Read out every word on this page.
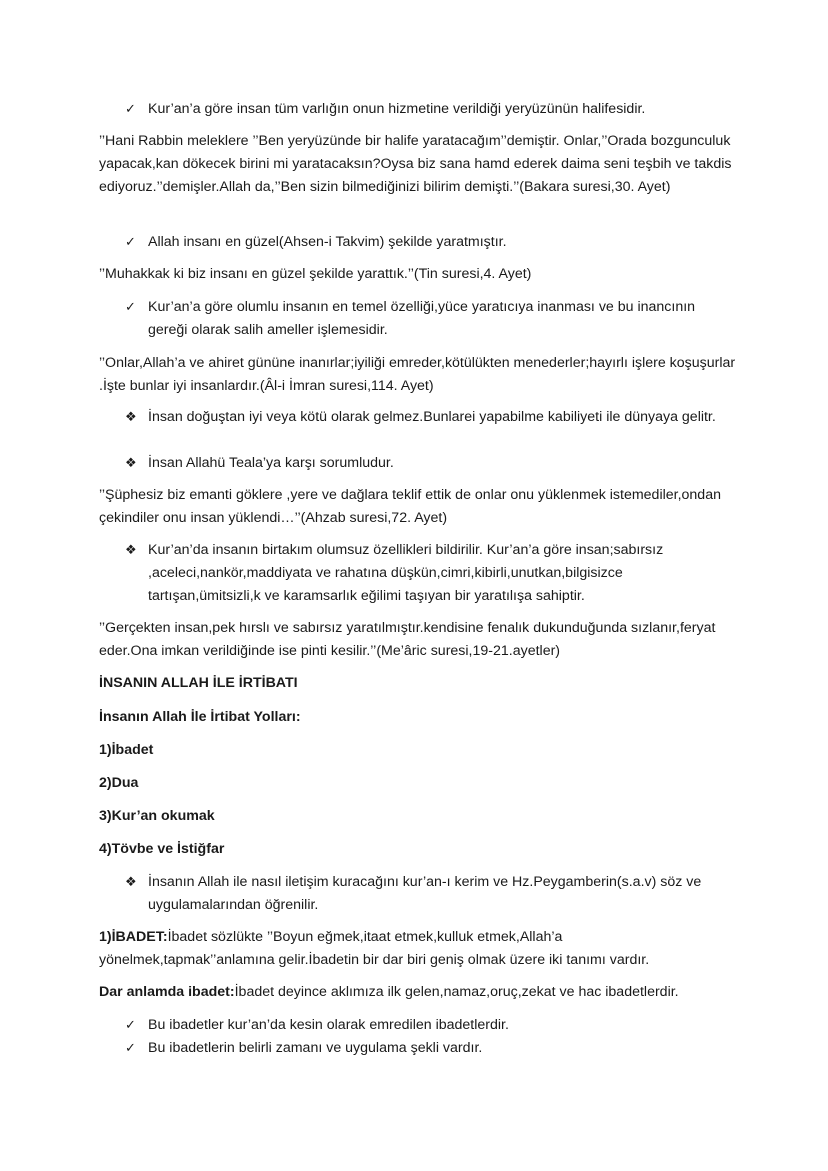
✓ Kur’an’a göre insan tüm varlığın onun hizmetine verildiği yeryüzünün halifesidir.

’’Hani Rabbin meleklere ’’Ben yeryüzünde bir halife yaratacağım’’demiştir. Onlar,’’Orada bozgunculuk yapacak,kan dökecek birini mi yaratacaksın?Oysa biz sana hamd ederek daima seni teşbih ve takdis ediyoruz.’’demişler.Allah da,’’Ben sizin bilmediğinizi bilirim demişti.’’(Bakara suresi,30. Ayet)

✓ Allah insanı en güzel(Ahsen-i Takvim) şekilde yaratmıştır.

’’Muhakkak ki biz insanı en güzel şekilde yarattık.’’(Tin suresi,4. Ayet)

✓ Kur’an’a göre olumlu insanın en temel özelliği,yüce yaratıcıya inanması ve bu inancının gereği olarak salih ameller işlemesidir.

’’Onlar,Allah’a ve ahiret gününe inanırlar;iyiliği emreder,kötülükten menederler;hayırlı işlere koşuşurlar .İşte bunlar iyi insanlardır.(Âl-i İmran suresi,114. Ayet)

❖ İnsan doğuştan iyi veya kötü olarak gelmez.Bunlarei yapabilme kabiliyeti ile dünyaya gelitr.
❖ İnsan Allahü Teala’ya karşı sorumludur.

’’Şüphesiz biz emanti göklere ,yere ve dağlara teklif ettik de onlar onu yüklenmek istemediler,ondan çekindiler onu insan yüklendi…’’(Ahzab suresi,72. Ayet)

❖ Kur’an’da insanın birtakım olumsuz özellikleri bildirilir. Kur’an’a göre insan;sabırsız ,aceleci,nankör,maddiyata ve rahatına düşkün,cimri,kibirli,unutkan,bilgisizce tartışan,ümitsizli,k ve karamsarlık eğilimi taşıyan bir yaratılışa sahiptir.

’’Gerçekten insan,pek hırslı ve sabırsız yaratılmıştır.kendisine fenalık dukunduğunda sızlanır,feryat eder.Ona imkan verildiğinde ise pinti kesilir.’’(Me’âric suresi,19-21.ayetler)

İNSANIN ALLAH İLE İRTİBATI

İnsanın Allah İle İrtibat Yolları:

1)İbadet

2)Dua

3)Kur’an okumak

4)Tövbe ve İstiğfar

❖ İnsanın Allah ile nasıl iletişim kuracağını kur’an-ı kerim ve Hz.Peygamberin(s.a.v) söz ve uygulamalarından öğrenilir.

1)İBADET:İbadet sözlükte ’’Boyun eğmek,itaat etmek,kulluk etmek,Allah’a yönelmek,tapmak’’anlamına gelir.İbadetin bir dar biri geniş olmak üzere iki tanımı vardır.

Dar anlamda ibadet:İbadet deyince aklımıza ilk gelen,namaz,oruç,zekat ve hac ibadetlerdir.

✓ Bu ibadetler kur’an’da kesin olarak emredilen ibadetlerdir.
✓ Bu ibadetlerin belirli zamanı ve uygulama şekli vardır.
